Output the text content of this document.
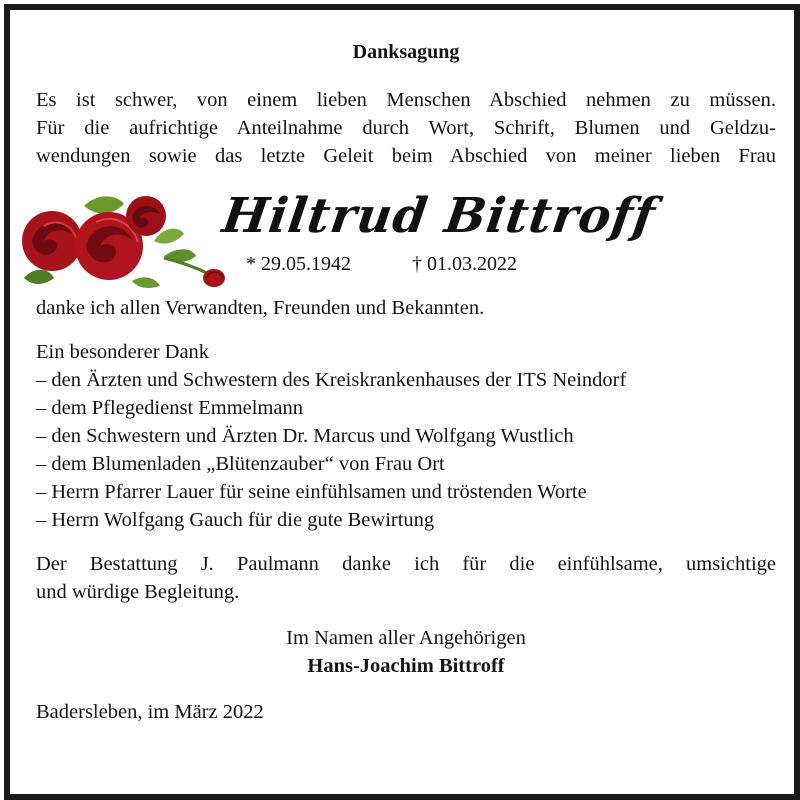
Danksagung

Es ist schwer, von einem lieben Menschen Abschied nehmen zu müssen.

Für die aufrichtige Anteilnahme durch Wort, Schrift, Blumen und Geldzu-

wendungen sowie das letzte Geleit beim Abschied von meiner lieben Frau

Hiltrud Bittroff
* 29.05.1942	† 01.03.2022

danke ich allen Verwandten, Freunden und Bekannten.

Ein besonderer Dank
– den Ärzten und Schwestern des Kreiskrankenhauses der ITS Neindorf
– dem Pflegedienst Emmelmann
– den Schwestern und Ärzten Dr. Marcus und Wolfgang Wustlich
– dem Blumenladen „Blütenzauber“ von Frau Ort
– Herrn Pfarrer Lauer für seine einfühlsamen und tröstenden Worte
– Herrn Wolfgang Gauch für die gute Bewirtung
Der Bestattung J. Paulmann danke ich für die einfühlsame, umsichtige
und würdige Begleitung.
Im Namen aller Angehörigen
Hans-Joachim Bittroff
Badersleben, im März 2022
